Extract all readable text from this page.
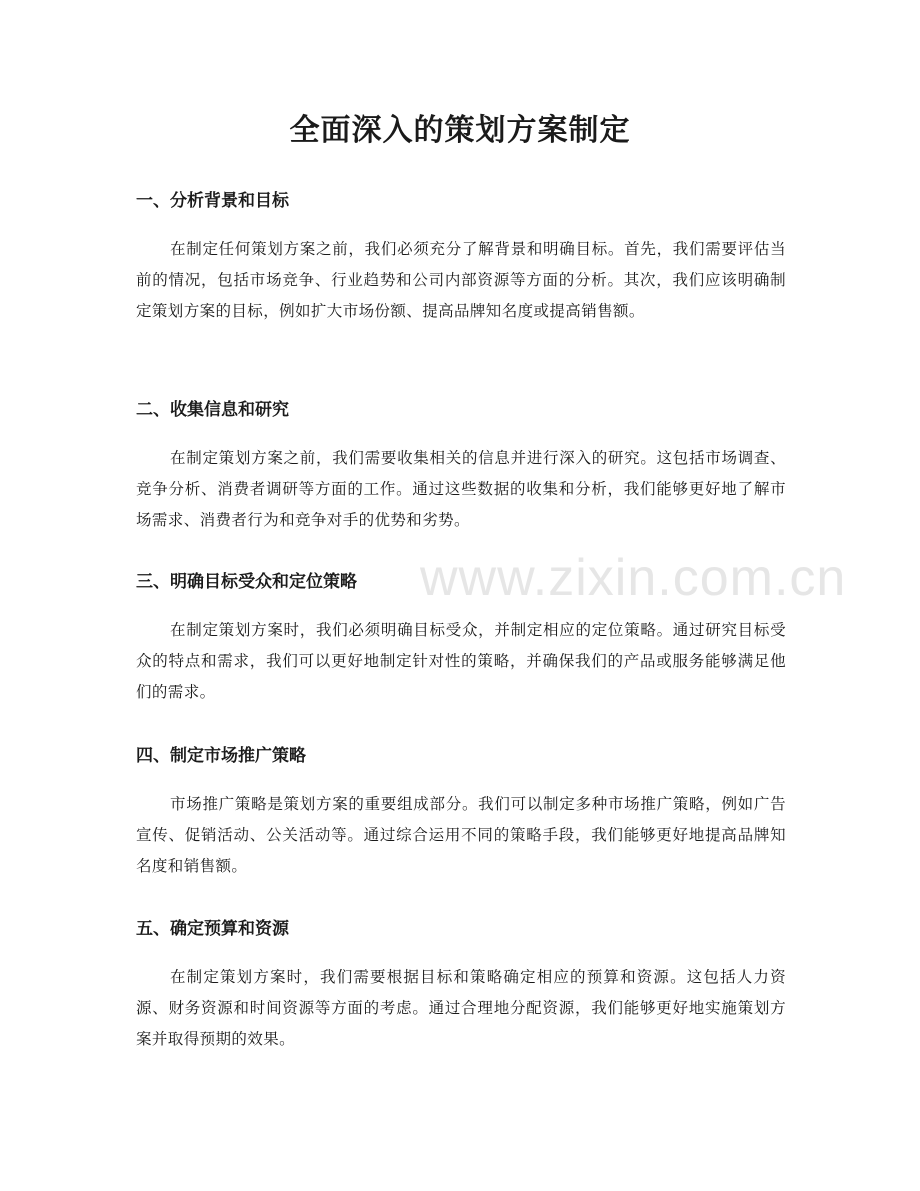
www.zixin.com.cn
全面深入的策划方案制定
一、分析背景和目标

在制定任何策划方案之前，我们必须充分了解背景和明确目标。首先，我们需要评估当前的情况，包括市场竞争、行业趋势和公司内部资源等方面的分析。其次，我们应该明确制定策划方案的目标，例如扩大市场份额、提高品牌知名度或提高销售额。

二、收集信息和研究

在制定策划方案之前，我们需要收集相关的信息并进行深入的研究。这包括市场调查、竞争分析、消费者调研等方面的工作。通过这些数据的收集和分析，我们能够更好地了解市场需求、消费者行为和竞争对手的优势和劣势。

三、明确目标受众和定位策略

在制定策划方案时，我们必须明确目标受众，并制定相应的定位策略。通过研究目标受众的特点和需求，我们可以更好地制定针对性的策略，并确保我们的产品或服务能够满足他们的需求。

四、制定市场推广策略

市场推广策略是策划方案的重要组成部分。我们可以制定多种市场推广策略，例如广告宣传、促销活动、公关活动等。通过综合运用不同的策略手段，我们能够更好地提高品牌知名度和销售额。

五、确定预算和资源

在制定策划方案时，我们需要根据目标和策略确定相应的预算和资源。这包括人力资源、财务资源和时间资源等方面的考虑。通过合理地分配资源，我们能够更好地实施策划方案并取得预期的效果。
